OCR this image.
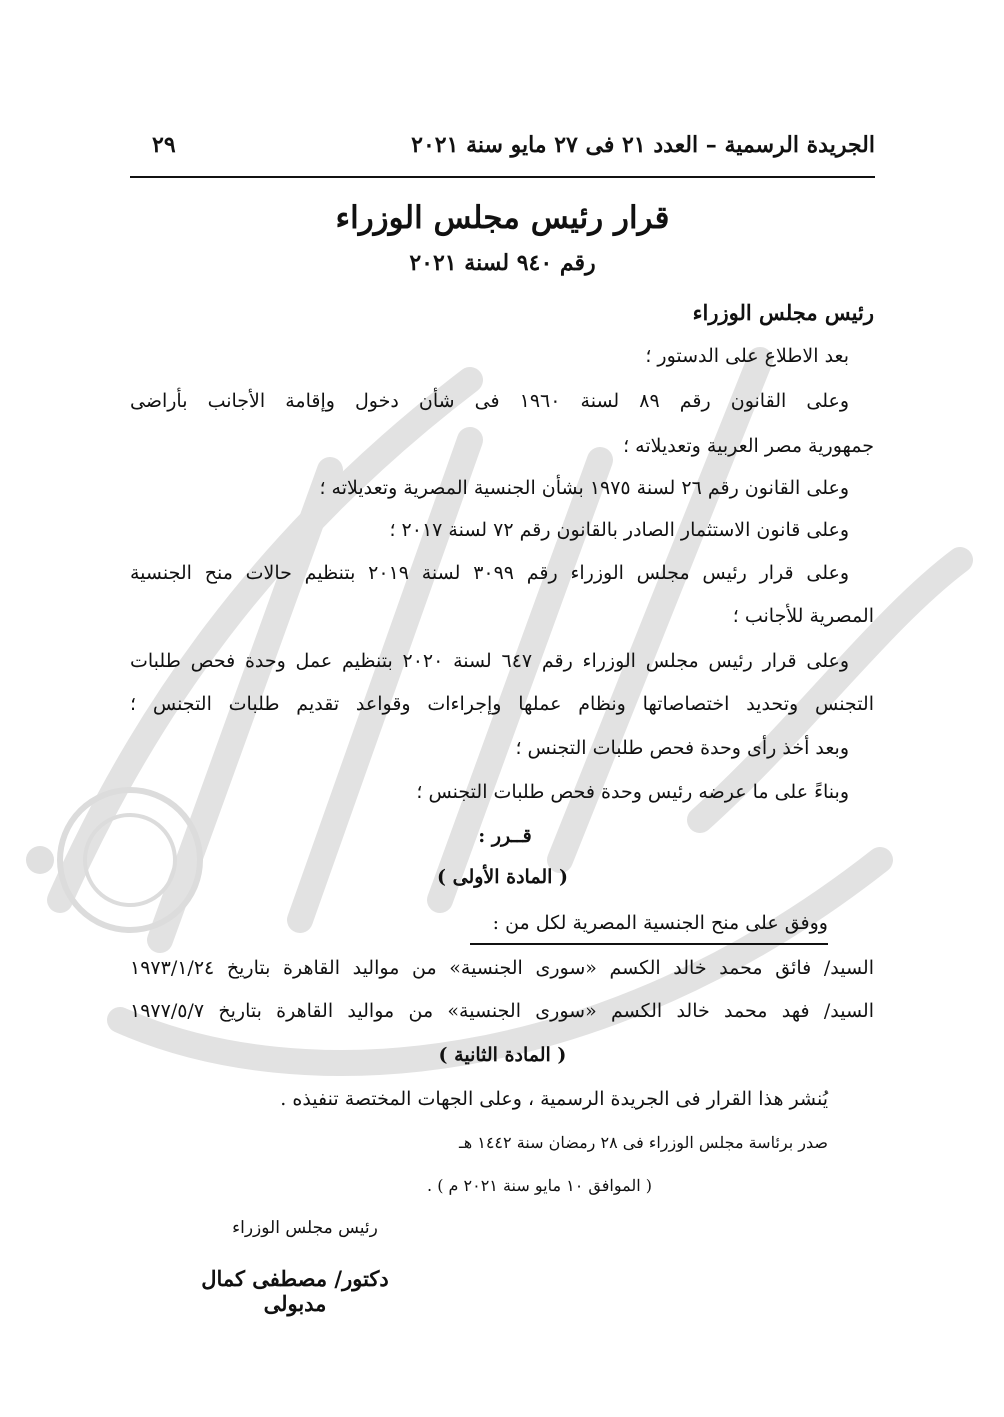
الجريدة الرسمية – العدد ٢١ فى ٢٧ مايو سنة ٢٠٢١
٢٩
قرار رئيس مجلس الوزراء
رقم ٩٤٠ لسنة ٢٠٢١
رئيس مجلس الوزراء
بعد الاطلاع على الدستور ؛
وعلى القانون رقم ٨٩ لسنة ١٩٦٠ فى شأن دخول وإقامة الأجانب بأراضى
جمهورية مصر العربية وتعديلاته ؛
وعلى القانون رقم ٢٦ لسنة ١٩٧٥ بشأن الجنسية المصرية وتعديلاته ؛
وعلى قانون الاستثمار الصادر بالقانون رقم ٧٢ لسنة ٢٠١٧ ؛
وعلى قرار رئيس مجلس الوزراء رقم ٣٠٩٩ لسنة ٢٠١٩ بتنظيم حالات منح الجنسية
المصرية للأجانب ؛
وعلى قرار رئيس مجلس الوزراء رقم ٦٤٧ لسنة ٢٠٢٠ بتنظيم عمل وحدة فحص طلبات
التجنس وتحديد اختصاصاتها ونظام عملها وإجراءات وقواعد تقديم طلبات التجنس ؛
وبعد أخذ رأى وحدة فحص طلبات التجنس ؛
وبناءً على ما عرضه رئيس وحدة فحص طلبات التجنس ؛
قــرر :
( المادة الأولى )
ووفق على منح الجنسية المصرية لكل من :
السيد/ فائق محمد خالد الكسم «سورى الجنسية» من مواليد القاهرة بتاريخ ١٩٧٣/١/٢٤
السيد/ فهد محمد خالد الكسم «سورى الجنسية» من مواليد القاهرة بتاريخ ١٩٧٧/٥/٧
( المادة الثانية )
يُنشر هذا القرار فى الجريدة الرسمية ، وعلى الجهات المختصة تنفيذه .
صدر برئاسة مجلس الوزراء فى ٢٨ رمضان سنة ١٤٤٢ هـ
( الموافق ١٠ مايو سنة ٢٠٢١ م ) .
رئيس مجلس الوزراء
دكتور/ مصطفى كمال مدبولى
